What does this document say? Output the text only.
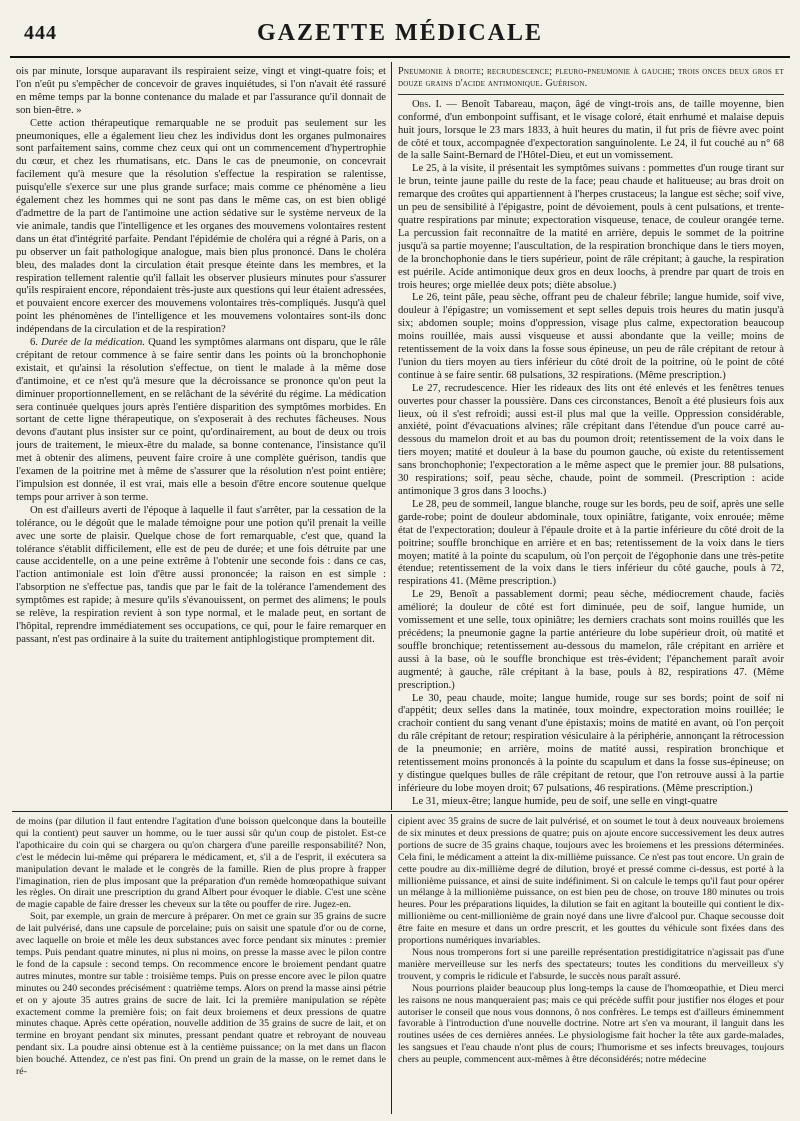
444	GAZETTE MÉDICALE

ois par minute, lorsque auparavant ils respiraient seize, vingt et vingt-quatre fois; et l'on n'eût pu s'empêcher de concevoir de graves inquiétudes, si l'on n'avait été rassuré en même temps par la bonne contenance du malade et par l'assurance qu'il donnait de son bien-être. »

Cette action thérapeutique remarquable ne se produit pas seulement sur les pneumoniques, elle a également lieu chez les individus dont les organes pulmonaires sont parfaitement sains, comme chez ceux qui ont un commencement d'hypertrophie du cœur, et chez les rhumatisans, etc. Dans le cas de pneumonie, on concevrait facilement qu'à mesure que la résolution s'effectue la respiration se ralentisse, puisqu'elle s'exerce sur une plus grande surface; mais comme ce phénomène a lieu également chez les hommes qui ne sont pas dans le même cas, on est bien obligé d'admettre de la part de l'antimoine une action sédative sur le système nerveux de la vie animale, tandis que l'intelligence et les organes des mouvemens volontaires restent dans un état d'intégrité parfaite. Pendant l'épidémie de choléra qui a régné à Paris, on a pu observer un fait pathologique analogue, mais bien plus prononcé. Dans le choléra bleu, des malades dont la circulation était presque éteinte dans les membres, et la respiration tellement ralentie qu'il fallait les observer plusieurs minutes pour s'assurer qu'ils respiraient encore, répondaient très-juste aux questions qui leur étaient adressées, et pouvaient encore exercer des mouvemens volontaires très-compliqués. Jusqu'à quel point les phénomènes de l'intelligence et les mouvemens volontaires sont-ils donc indépendans de la circulation et de la respiration?

6. Durée de la médication. Quand les symptômes alarmans ont disparu, que le râle crépitant de retour commence à se faire sentir dans les points où la bronchophonie existait, et qu'ainsi la résolution s'effectue, on tient le malade à la même dose d'antimoine, et ce n'est qu'à mesure que la décroissance se prononce qu'on peut la diminuer proportionnellement, en se relâchant de la sévérité du régime. La médication sera continuée quelques jours après l'entière disparition des symptômes morbides. En sortant de cette ligne thérapeutique, on s'exposerait à des rechutes fâcheuses. Nous devons d'autant plus insister sur ce point, qu'ordinairement, au bout de deux ou trois jours de traitement, le mieux-être du malade, sa bonne contenance, l'insistance qu'il met à obtenir des alimens, peuvent faire croire à une complète guérison, tandis que l'examen de la poitrine met à même de s'assurer que la résolution n'est point entière; l'impulsion est donnée, il est vrai, mais elle a besoin d'être encore soutenue quelque temps pour arriver à son terme.

On est d'ailleurs averti de l'époque à laquelle il faut s'arrêter, par la cessation de la tolérance, ou le dégoût que le malade témoigne pour une potion qu'il prenait la veille avec une sorte de plaisir. Quelque chose de fort remarquable, c'est que, quand la tolérance s'établit difficilement, elle est de peu de durée; et une fois détruite par une cause accidentelle, on a une peine extrême à l'obtenir une seconde fois : dans ce cas, l'action antimoniale est loin d'être aussi prononcée; la raison en est simple : l'absorption ne s'effectue pas, tandis que par le fait de la tolérance l'amendement des symptômes est rapide; à mesure qu'ils s'évanouissent, on permet des alimens; le pouls se relève, la respiration revient à son type normal, et le malade peut, en sortant de l'hôpital, reprendre immédiatement ses occupations, ce qui, pour le faire remarquer en passant, n'est pas ordinaire à la suite du traitement antiphlogistique promptement dit.

Pneumonie à droite; recrudescence; pleuro-pneumonie à gauche; trois onces deux gros et douze grains d'acide antimonique. Guérison.

Obs. I. — Benoît Tabareau, maçon, âgé de vingt-trois ans, de taille moyenne, bien conformé, d'un embonpoint suffisant, et le visage coloré, était enrhumé et malaise depuis huit jours, lorsque le 23 mars 1833, à huit heures du matin, il fut pris de fièvre avec point de côté et toux, accompagnée d'expectoration sanguinolente. Le 24, il fut couché au n° 68 de la salle Saint-Bernard de l'Hôtel-Dieu, et eut un vomissement.

Le 25, à la visite, il présentait les symptômes suivans : pommettes d'un rouge tirant sur le brun, teinte jaune paille du reste de la face; peau chaude et halitueuse; au bras droit on remarque des croûtes qui appartiennent à l'herpes crustaceus; la langue est sèche; soif vive, un peu de sensibilité à l'épigastre, point de dévoiement, pouls à cent pulsations, et trente-quatre respirations par minute; expectoration visqueuse, tenace, de couleur orangée terne. La percussion fait reconnaître de la matité en arrière, depuis le sommet de la poitrine jusqu'à sa partie moyenne; l'auscultation, de la respiration bronchique dans le tiers moyen, de la bronchophonie dans le tiers supérieur, point de râle crépitant; à gauche, la respiration est puérile. Acide antimonique deux gros en deux loochs, à prendre par quart de trois en trois heures; orge miellée deux pots; diète absolue.)

Le 26, teint pâle, peau sèche, offrant peu de chaleur fébrile; langue humide, soif vive, douleur à l'épigastre; un vomissement et sept selles depuis trois heures du matin jusqu'à six; abdomen souple; moins d'oppression, visage plus calme, expectoration beaucoup moins rouillée, mais aussi visqueuse et aussi abondante que la veille; moins de retentissement de la voix dans la fosse sous épineuse, un peu de râle crépitant de retour à l'union du tiers moyen au tiers inférieur du côté droit de la poitrine, où le point de côté continue à se faire sentir. 68 pulsations, 32 respirations. (Même prescription.)

Le 27, recrudescence. Hier les rideaux des lits ont été enlevés et les fenêtres tenues ouvertes pour chasser la poussière. Dans ces circonstances, Benoît a été plusieurs fois aux lieux, où il s'est refroidi; aussi est-il plus mal que la veille. Oppression considérable, anxiété, point d'évacuations alvines; râle crépitant dans l'étendue d'un pouce carré au-dessous du mamelon droit et au bas du poumon droit; retentissement de la voix dans le tiers moyen; matité et douleur à la base du poumon gauche, où existe du retentissement sans bronchophonie; l'expectoration a le même aspect que le premier jour. 88 pulsations, 30 respirations; soif, peau sèche, chaude, point de sommeil. (Prescription : acide antimonique 3 gros dans 3 loochs.)

Le 28, peu de sommeil, langue blanche, rouge sur les bords, peu de soif, après une selle garde-robe; point de douleur abdominale, toux opiniâtre, fatigante, voix enrouée; même état de l'expectoration; douleur à l'épaule droite et à la partie inférieure du côté droit de la poitrine; souffle bronchique en arrière et en bas; retentissement de la voix dans le tiers moyen; matité à la pointe du scapulum, où l'on perçoit de l'égophonie dans une très-petite étendue; retentissement de la voix dans le tiers inférieur du côté gauche, pouls à 72, respirations 41. (Même prescription.)

Le 29, Benoît a passablement dormi; peau sèche, médiocrement chaude, faciès amélioré; la douleur de côté est fort diminuée, peu de soif, langue humide, un vomissement et une selle, toux opiniâtre; les derniers crachats sont moins rouillés que les précédens; la pneumonie gagne la partie antérieure du lobe supérieur droit, où matité et souffle bronchique; retentissement au-dessous du mamelon, râle crépitant en arrière et aussi à la base, où le souffle bronchique est très-évident; l'épanchement paraît avoir augmenté; à gauche, râle crépitant à la base, pouls à 82, respirations 47. (Même prescription.)

Le 30, peau chaude, moite; langue humide, rouge sur ses bords; point de soif ni d'appétit; deux selles dans la matinée, toux moindre, expectoration moins rouillée; le crachoir contient du sang venant d'une épistaxis; moins de matité en avant, où l'on perçoit du râle crépitant de retour; respiration vésiculaire à la périphérie, annonçant la rétrocession de la pneumonie; en arrière, moins de matité aussi, respiration bronchique et retentissement moins prononcés à la pointe du scapulum et dans la fosse sus-épineuse; on y distingue quelques bulles de râle crépitant de retour, que l'on retrouve aussi à la partie inférieure du lobe moyen droit; 67 pulsations, 46 respirations. (Même prescription.)

Le 31, mieux-être; langue humide, peu de soif, une selle en vingt-quatre

de moins (par dilution il faut entendre l'agitation d'une boisson quelconque dans la bouteille qui la contient) peut sauver un homme, ou le tuer aussi sûr qu'un coup de pistolet. Est-ce l'apothicaire du coin qui se chargera ou qu'on chargera d'une pareille responsabilité? Non, c'est le médecin lui-même qui préparera le médicament, et, s'il a de l'esprit, il exécutera sa manipulation devant le malade et le congrès de la famille. Rien de plus propre à frapper l'imagination, rien de plus imposant que la préparation d'un remède homœopathique suivant les règles. On dirait une prescription du grand Albert pour évoquer le diable. C'est une scène de magie capable de faire dresser les cheveux sur la tête ou pouffer de rire. Jugez-en.

Soit, par exemple, un grain de mercure à préparer. On met ce grain sur 35 grains de sucre de lait pulvérisé, dans une capsule de porcelaine; puis on saisit une spatule d'or ou de corne, avec laquelle on broie et mêle les deux substances avec force pendant six minutes : premier temps. Puis pendant quatre minutes, ni plus ni moins, on presse la masse avec le pilon contre le fond de la capsule : second temps. On recommence encore le broiement pendant quatre autres minutes, montre sur table : troisième temps. Puis on presse encore avec le pilon quatre minutes ou 240 secondes précisément : quatrième temps. Alors on prend la masse ainsi pétrie et on y ajoute 35 autres grains de sucre de lait. Ici la première manipulation se répète exactement comme la première fois; on fait deux broiemens et deux pressions de quatre minutes chaque. Après cette opération, nouvelle addition de 35 grains de sucre de lait, et on termine en broyant pendant six minutes, pressant pendant quatre et rebroyant de nouveau pendant six. La poudre ainsi obtenue est à la centième puissance; on la met dans un flacon bien bouché. Attendez, ce n'est pas fini. On prend un grain de la masse, on le remet dans le ré-

cipient avec 35 grains de sucre de lait pulvérisé, et on soumet le tout à deux nouveaux broiemens de six minutes et deux pressions de quatre; puis on ajoute encore successivement les deux autres portions de sucre de 35 grains chaque, toujours avec les broiemens et les pressions déterminées. Cela fini, le médicament a atteint la dix-millième puissance. Ce n'est pas tout encore. Un grain de cette poudre au dix-millième degré de dilution, broyé et pressé comme ci-dessus, est porté à la millionième puissance, et ainsi de suite indéfiniment. Si on calcule le temps qu'il faut pour opérer un mélange à la millionième puissance, on est bien peu de chose, on trouve 180 minutes ou trois heures. Pour les préparations liquides, la dilution se fait en agitant la bouteille qui contient le dix-millionième ou cent-millionième de grain noyé dans une livre d'alcool pur. Chaque secousse doit être faite en mesure et dans un ordre prescrit, et les gouttes du véhicule sont fixées dans des proportions numériques invariables.

Nous nous tromperons fort si une pareille représentation prestidigitatrice n'agissait pas d'une manière merveilleuse sur les nerfs des spectateurs; toutes les conditions du merveilleux s'y trouvent, y compris le ridicule et l'absurde, le succès nous paraît assuré.

Nous pourrions plaider beaucoup plus long-temps la cause de l'homœopathie, et Dieu merci les raisons ne nous manqueraient pas; mais ce qui précède suffit pour justifier nos éloges et pour autoriser le conseil que nous vous donnons, ô nos confrères. Le temps est d'ailleurs éminemment favorable à l'introduction d'une nouvelle doctrine. Notre art s'en va mourant, il languit dans les routines usées de ces dernières années. Le physiologisme fait hocher la tête aux garde-malades, les sangsues et l'eau chaude n'ont plus de cours; l'humorisme et ses infects breuvages, toujours chers au peuple, commencent aux-mêmes à être déconsidérés; notre médecine
